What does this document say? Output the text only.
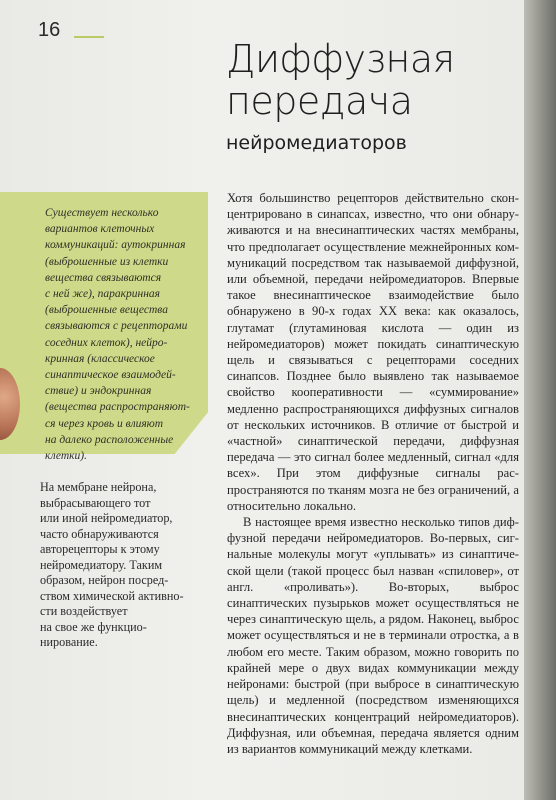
16
Диффузная
передача
нейромедиаторов
Существует несколько
вариантов клеточных
коммуникаций: аутокринная
(выброшенные из клетки
вещества связываются
с ней же), паракринная
(выброшенные вещества
связываются с рецепторами
соседних клеток), нейро-
кринная (классическое
синаптическое взаимодей-
ствие) и эндокринная
(вещества распространяют-
ся через кровь и влияют
на далеко расположенные
клетки).
На мембране нейрона,
выбрасывающего тот
или иной нейромедиатор,
часто обнаруживаются
авторецепторы к этому
нейромедиатору. Таким
образом, нейрон посред-
ством химической активно-
сти воздействует
на свое же функцио-
нирование.

Хотя большинство рецепторов действительно сконцентрировано в синапсах, известно, что они обнаруживаются и на внесинаптических частях мембраны, что предполагает осуществление межнейронных коммуникаций посредством так называемой диффузной, или объемной, передачи нейромедиаторов. Впервые такое внесинаптическое взаимодействие было обнаружено в 90-х годах XX века: как оказалось, глутамат (глутаминовая кислота — один из нейромедиаторов) может покидать синаптическую щель и связываться с рецепторами соседних синапсов. Позднее было выявлено так называемое свойство кооперативности — «суммирование» медленно распространяющихся диффузных сигналов от нескольких источников. В отличие от быстрой и «частной» синаптической передачи, диффузная передача — это сигнал более медленный, сигнал «для всех». При этом диффузные сигналы распространяются по тканям мозга не без ограничений, а относительно локально.

В настоящее время известно несколько типов диффузной передачи нейромедиаторов. Во-первых, сигнальные молекулы могут «уплывать» из синаптической щели (такой процесс был назван «спиловер», от англ. «проливать»). Во-вторых, выброс синаптических пузырьков может осуществляться не через синаптическую щель, а рядом. Наконец, выброс может осуществляться и не в терминали отростка, а в любом его месте. Таким образом, можно говорить по крайней мере о двух видах коммуникации между нейронами: быстрой (при выбросе в синаптическую щель) и медленной (посредством изменяющихся внесинаптических концентраций нейромедиаторов). Диффузная, или объемная, передача является одним из вариантов коммуникаций между клетками.
